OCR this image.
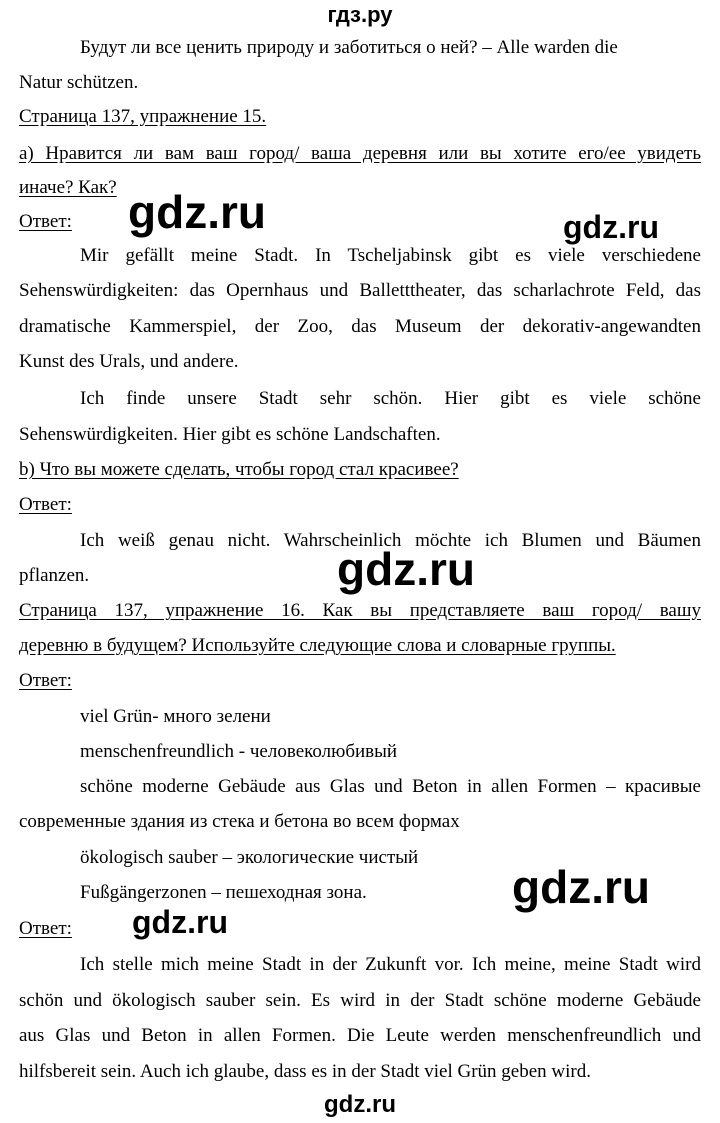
гдз.ру
Будут ли все ценить природу и заботиться о ней? – Alle warden die
Natur schützen.
Страница 137, упражнение 15.
a) Нравится ли вам ваш город/ ваша деревня или вы хотите его/ее увидеть
иначе? Как?
Ответ:
Mir gefällt meine Stadt. In Tscheljabinsk gibt es viele verschiedene
Sehenswürdigkeiten: das Opernhaus und Balletttheater, das scharlachrote Feld, das
dramatische Kammerspiel, der Zoo, das Museum der dekorativ-angewandten
Kunst des Urals, und andere.
Ich finde unsere Stadt sehr schön. Hier gibt es viele schöne
Sehenswürdigkeiten. Hier gibt es schöne Landschaften.
b) Что вы можете сделать, чтобы город стал красивее?
Ответ:
Ich weiß genau nicht. Wahrscheinlich möchte ich Blumen und Bäumen
pflanzen.
Страница 137, упражнение 16. Как вы представляете ваш город/ вашу
деревню в будущем? Используйте следующие слова и словарные группы.
Ответ:
viel Grün- много зелени
menschenfreundlich - человеколюбивый
schöne moderne Gebäude aus Glas und Beton in allen Formen – красивые
современные здания из стека и бетона во всем формах
ökologisch sauber – экологические чистый
Fußgängerzonen – пешеходная зона.
Ответ:
Ich stelle mich meine Stadt in der Zukunft vor. Ich meine, meine Stadt wird
schön und ökologisch sauber sein. Es wird in der Stadt schöne moderne Gebäude
aus Glas und Beton in allen Formen. Die Leute werden menschenfreundlich und
hilfsbereit sein. Auch ich glaube, dass es in der Stadt viel Grün geben wird.
gdz.ru	gdz.ru
gdz.ru
gdz.ru
gdz.ru
gdz.ru
